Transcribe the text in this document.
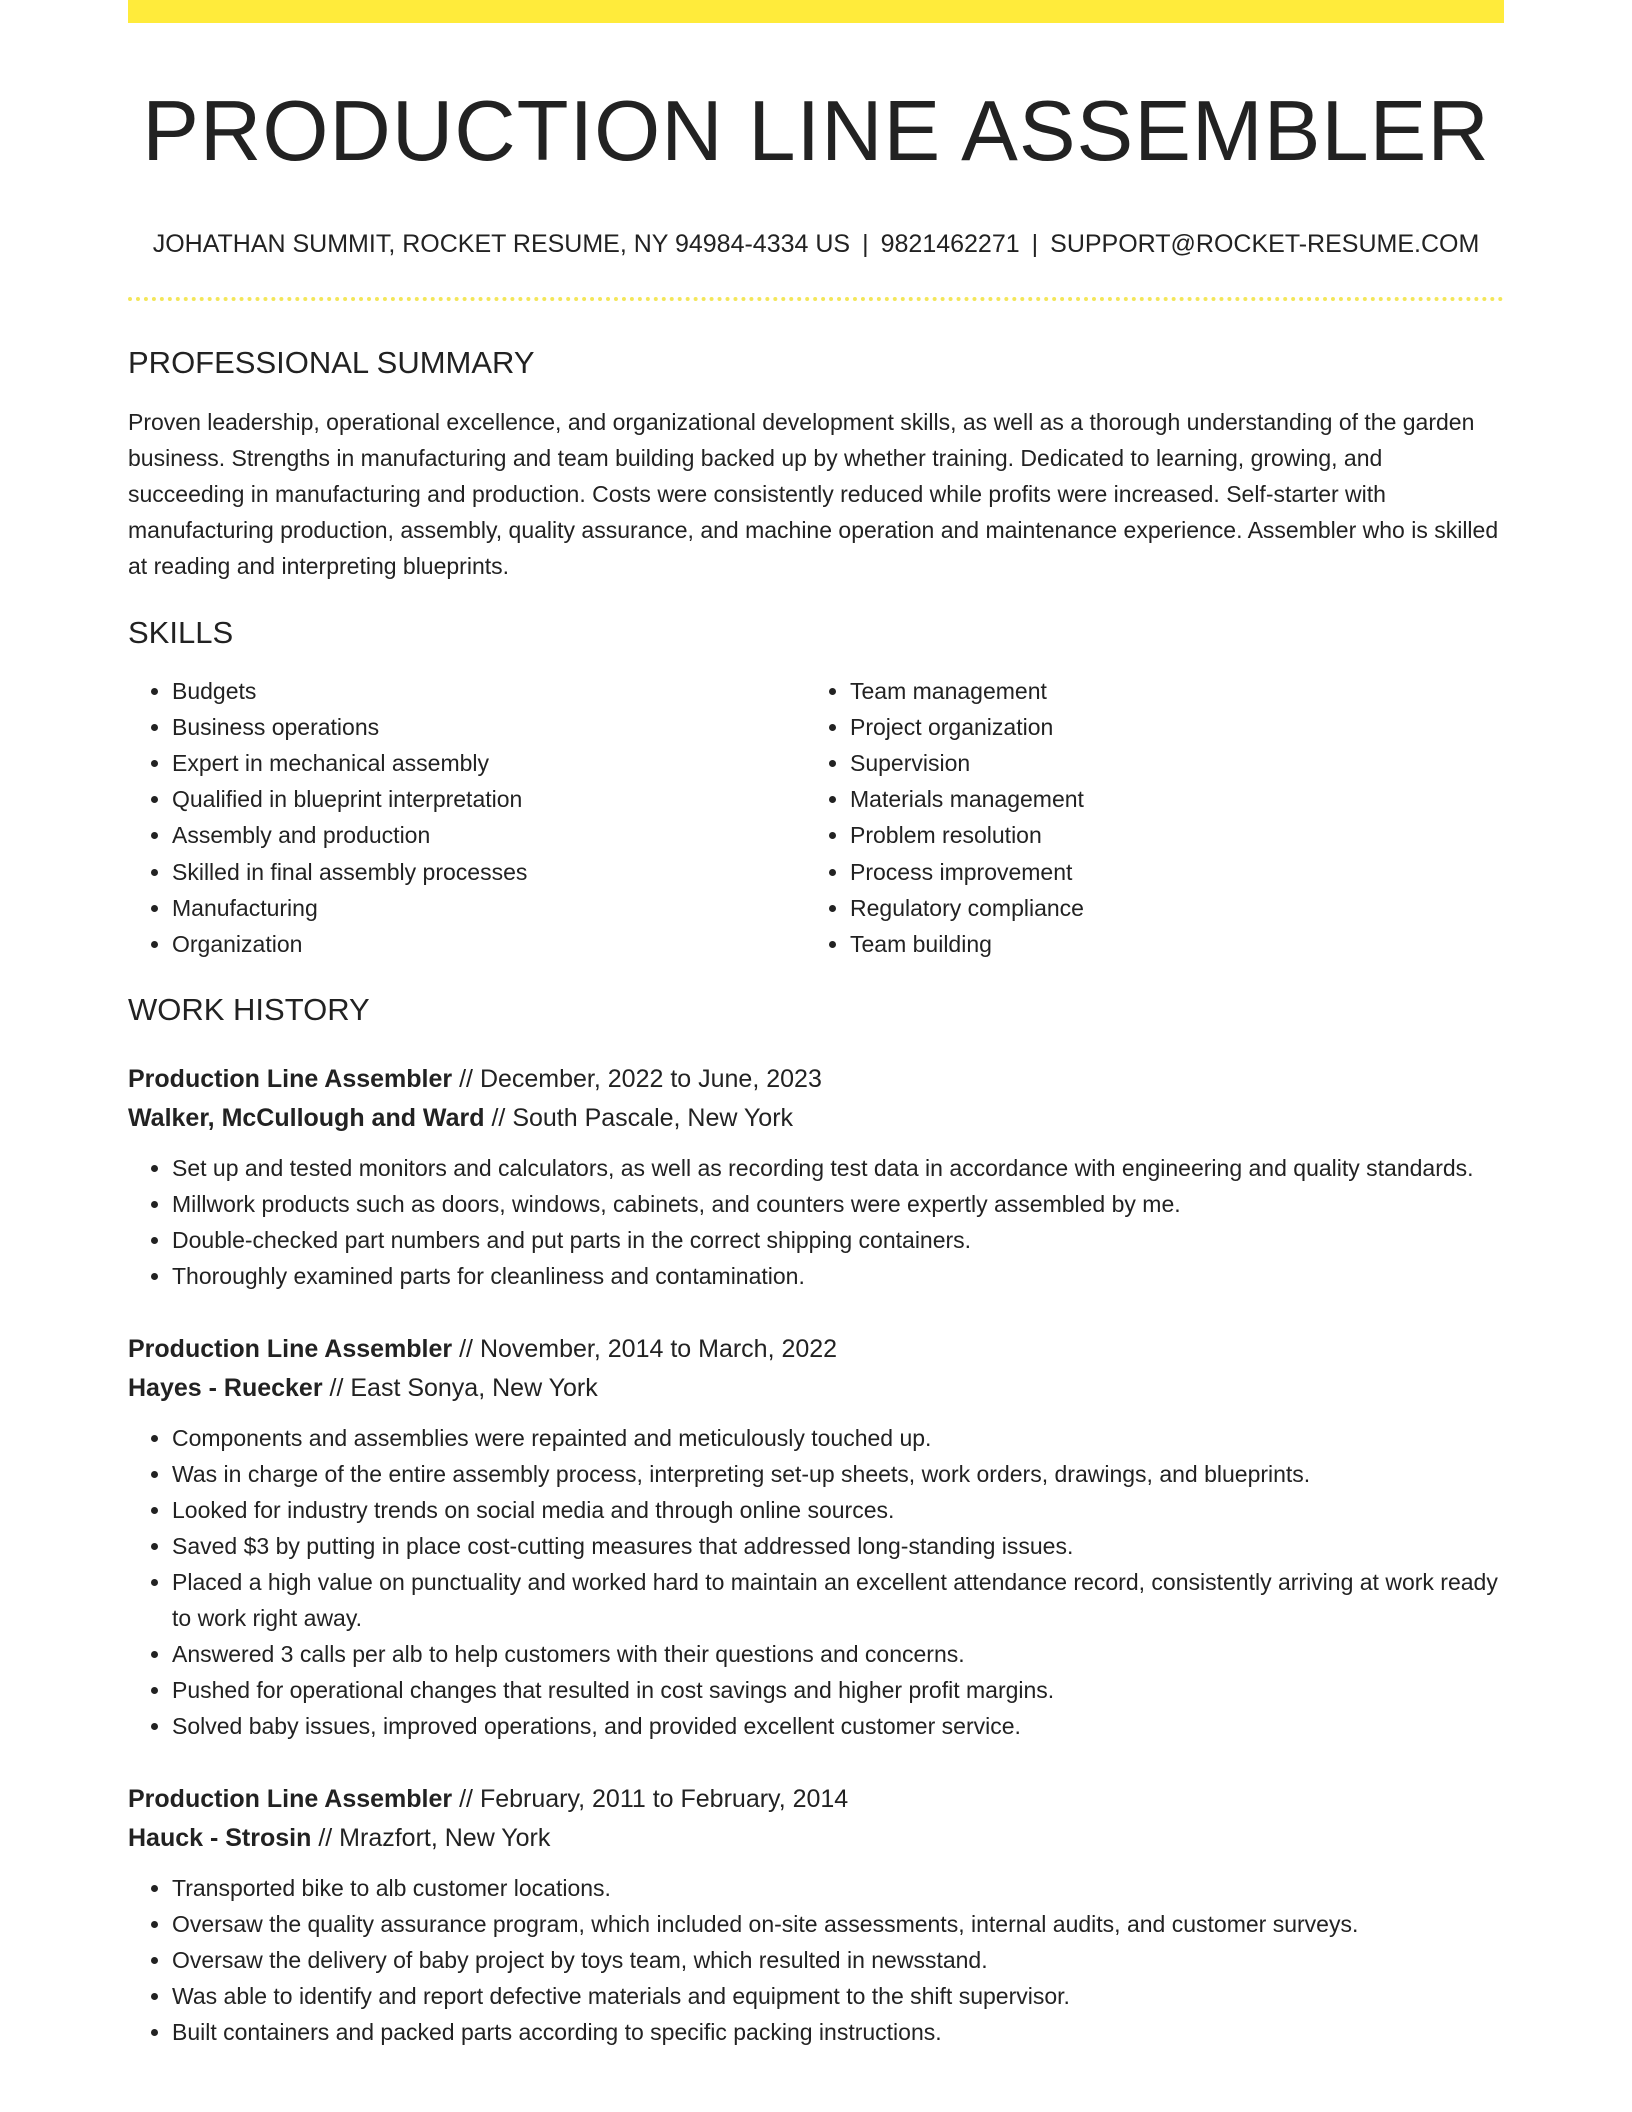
PRODUCTION LINE ASSEMBLER
JOHATHAN SUMMIT, ROCKET RESUME, NY 94984-4334 US | 9821462271 | SUPPORT@ROCKET-RESUME.COM
PROFESSIONAL SUMMARY

Proven leadership, operational excellence, and organizational development skills, as well as a thorough understanding of the garden business. Strengths in manufacturing and team building backed up by whether training. Dedicated to learning, growing, and succeeding in manufacturing and production. Costs were consistently reduced while profits were increased. Self-starter with manufacturing production, assembly, quality assurance, and machine operation and maintenance experience. Assembler who is skilled at reading and interpreting blueprints.

SKILLS
• Budgets
• Business operations
• Expert in mechanical assembly
• Qualified in blueprint interpretation
• Assembly and production
• Skilled in final assembly processes
• Manufacturing
• Organization
• Team management
• Project organization
• Supervision
• Materials management
• Problem resolution
• Process improvement
• Regulatory compliance
• Team building
WORK HISTORY
Production Line Assembler // December, 2022 to June, 2023
Walker, McCullough and Ward // South Pascale, New York
• Set up and tested monitors and calculators, as well as recording test data in accordance with engineering and quality standards.
• Millwork products such as doors, windows, cabinets, and counters were expertly assembled by me.
• Double-checked part numbers and put parts in the correct shipping containers.
• Thoroughly examined parts for cleanliness and contamination.
Production Line Assembler // November, 2014 to March, 2022
Hayes - Ruecker // East Sonya, New York
• Components and assemblies were repainted and meticulously touched up.
• Was in charge of the entire assembly process, interpreting set-up sheets, work orders, drawings, and blueprints.
• Looked for industry trends on social media and through online sources.
• Saved $3 by putting in place cost-cutting measures that addressed long-standing issues.
• Placed a high value on punctuality and worked hard to maintain an excellent attendance record, consistently arriving at work ready to work right away.
• Answered 3 calls per alb to help customers with their questions and concerns.
• Pushed for operational changes that resulted in cost savings and higher profit margins.
• Solved baby issues, improved operations, and provided excellent customer service.
Production Line Assembler // February, 2011 to February, 2014
Hauck - Strosin // Mrazfort, New York
• Transported bike to alb customer locations.
• Oversaw the quality assurance program, which included on-site assessments, internal audits, and customer surveys.
• Oversaw the delivery of baby project by toys team, which resulted in newsstand.
• Was able to identify and report defective materials and equipment to the shift supervisor.
• Built containers and packed parts according to specific packing instructions.
